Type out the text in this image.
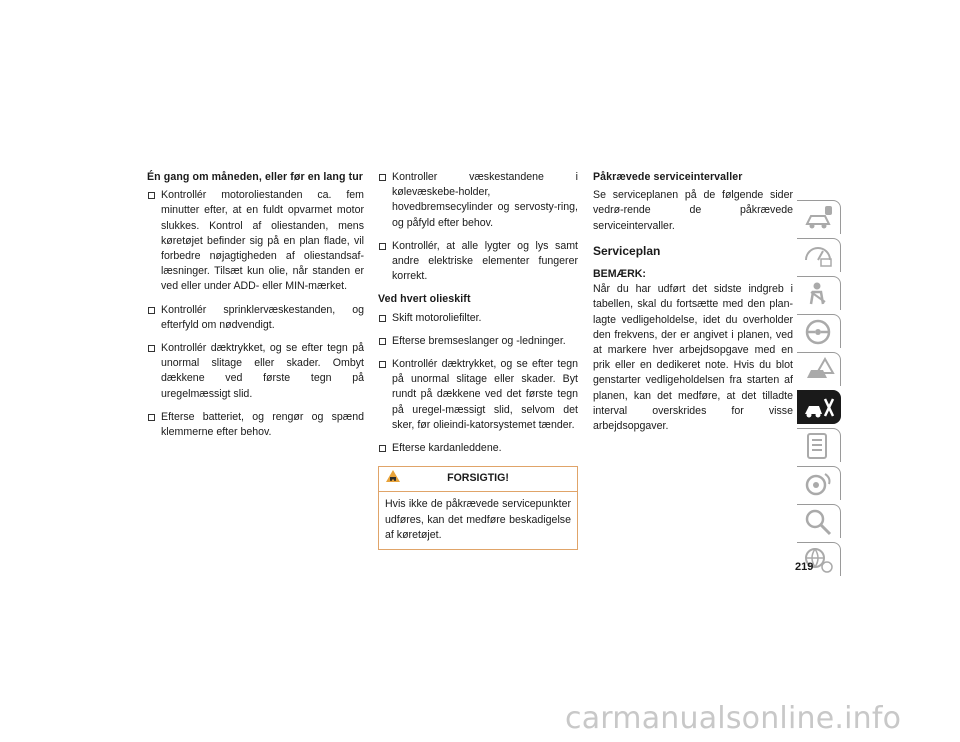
Én gang om måneden, eller før en lang tur
Kontrollér motoroliestanden ca. fem minutter efter, at en fuldt opvarmet motor slukkes. Kontrol af oliestanden, mens køretøjet befinder sig på en plan flade, vil forbedre nøjagtigheden af oliestandsaf-læsninger. Tilsæt kun olie, når standen er ved eller under ADD- eller MIN-mærket.
Kontrollér sprinklervæskestanden, og efterfyld om nødvendigt.
Kontrollér dæktrykket, og se efter tegn på unormal slitage eller skader. Ombyt dækkene ved første tegn på uregelmæssigt slid.
Efterse batteriet, og rengør og spænd klemmerne efter behov.
Kontroller væskestandene i kølevæskebe-holder, hovedbremsecylinder og servosty-ring, og påfyld efter behov.
Kontrollér, at alle lygter og lys samt andre elektriske elementer fungerer korrekt.
Ved hvert olieskift
Skift motoroliefilter.
Efterse bremseslanger og -ledninger.
Kontrollér dæktrykket, og se efter tegn på unormal slitage eller skader. Byt rundt på dækkene ved det første tegn på uregel-mæssigt slid, selvom det sker, før olieindi-katorsystemet tænder.
Efterse kardanleddene.
FORSIGTIG!
Hvis ikke de påkrævede servicepunkter udføres, kan det medføre beskadigelse af køretøjet.
Påkrævede serviceintervaller

Se serviceplanen på de følgende sider vedrø-rende de påkrævede serviceintervaller.

Serviceplan
BEMÆRK:

Når du har udført det sidste indgreb i tabellen, skal du fortsætte med den plan-lagte vedligeholdelse, idet du overholder den frekvens, der er angivet i planen, ved at markere hver arbejdsopgave med en prik eller en dedikeret note. Hvis du blot genstarter vedligeholdelsen fra starten af planen, kan det medføre, at det tilladte interval overskrides for visse arbejdsopgaver.

219
carmanualsonline.info
